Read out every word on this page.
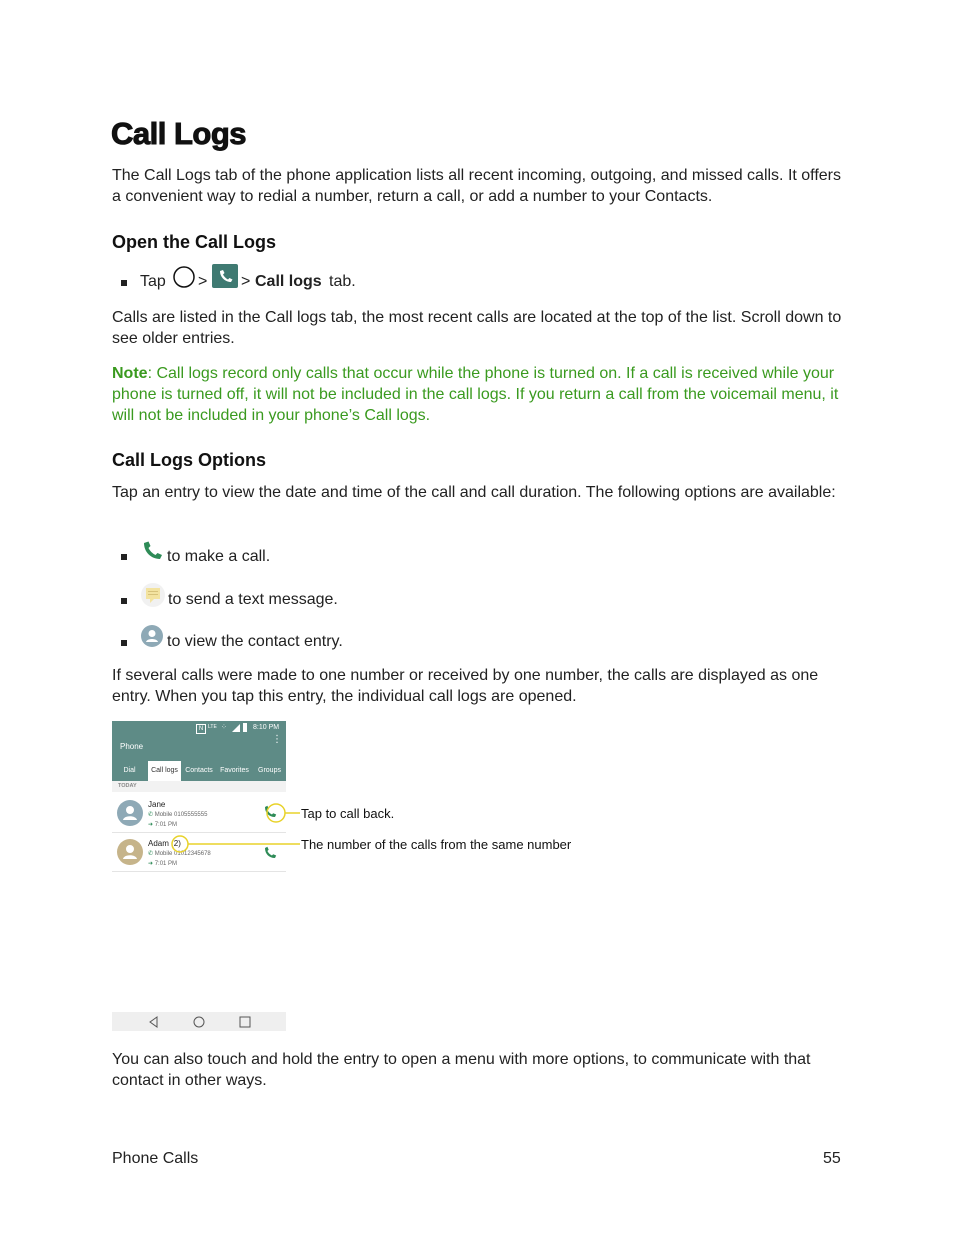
Call Logs
The Call Logs tab of the phone application lists all recent incoming, outgoing, and missed calls. It offers a convenient way to redial a number, return a call, or add a number to your Contacts.
Open the Call Logs
Tap > > Call logs tab.
Calls are listed in the Call logs tab, the most recent calls are located at the top of the list. Scroll down to see older entries.
Note: Call logs record only calls that occur while the phone is turned on. If a call is received while your phone is turned off, it will not be included in the call logs. If you return a call from the voicemail menu, it will not be included in your phone’s Call logs.
Call Logs Options
Tap an entry to view the date and time of the call and call duration. The following options are available:
to make a call.
to send a text message.
to view the contact entry.
If several calls were made to one number or received by one number, the calls are displayed as one entry. When you tap this entry, the individual call logs are opened.
N LTE ⁘	8:10 PM
Phone
⋮
Dial	Call logs	Contacts	Favorites	Groups
TODAY
Jane
✆ Mobile 0105555555
➜ 7:01 PM
Adam (2)
✆ Mobile 01012345678
➜ 7:01 PM
Tap to call back.
The number of the calls from the same number
You can also touch and hold the entry to open a menu with more options, to communicate with that contact in other ways.
Phone Calls	55
